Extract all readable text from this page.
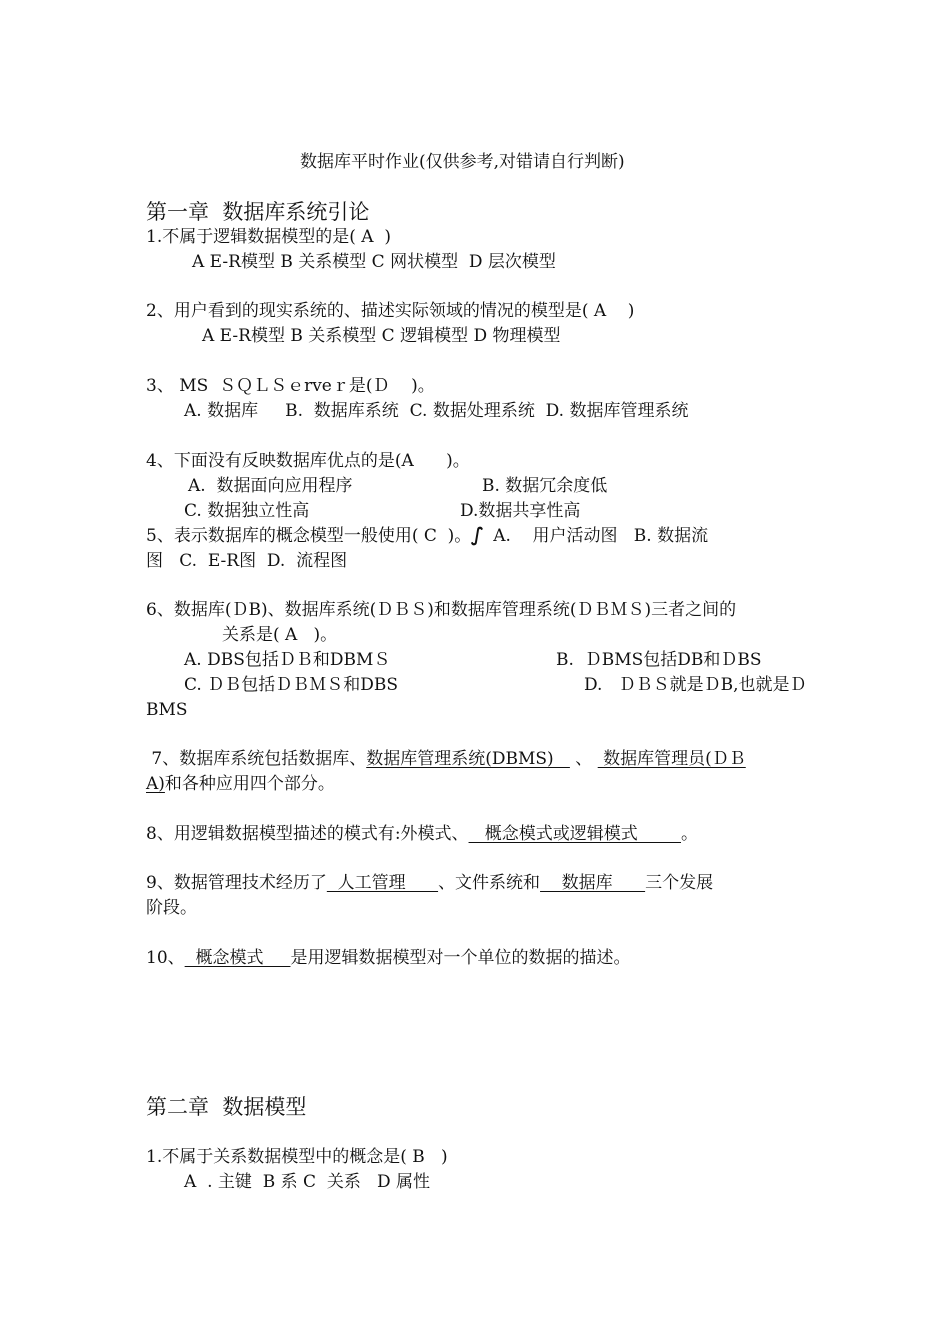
数据库平时作业(仅供参考,对错请自行判断)
第一章  数据库系统引论
1.不属于逻辑数据模型的是( A  )
A E-R模型 B 关系模型 C 网状模型  D 层次模型
2、用户看到的现实系统的、描述实际领域的情况的模型是( A    )
A E-R模型 B 关系模型 C 逻辑模型 D 物理模型
3、 MS  ＳＱＬＳｅrveｒ是(Ｄ    )。
A. 数据库     B.  数据库系统  C. 数据处理系统  D. 数据库管理系统
4、下面没有反映数据库优点的是(A      )。
A.  数据面向应用程序	B. 数据冗余度低
C. 数据独立性高	D.数据共享性高
5、表示数据库的概念模型一般使用( C  )。ഽ  A.    用户活动图   B. 数据流
图   C.  E-R图  D.  流程图
6、数据库(ＤB)、数据库系统(ＤＢＳ)和数据库管理系统(ＤＢＭＳ)三者之间的
关系是( A   )。
A. DBS包括ＤＢ和DBMＳ	B.  ＤBMS包括DB和ＤBS
C. ＤＢ包括ＤＢＭＳ和DBS	D.   ＤＢＳ就是ＤB,也就是Ｄ
BMS
7、数据库系统包括数据库、数据库管理系统(DBMS)    、  数据库管理员(ＤＢ
A)和各种应用四个部分。
8、用逻辑数据模型描述的模式有:外模式、   概念模式或逻辑模式        。
9、数据管理技术经历了  人工管理      、文件系统和    数据库      三个发展
阶段。
10、  概念模式     是用逻辑数据模型对一个单位的数据的描述。
第二章  数据模型
1.不属于关系数据模型中的概念是( B   )
A  . 主键  B 系 C  关系   D 属性
